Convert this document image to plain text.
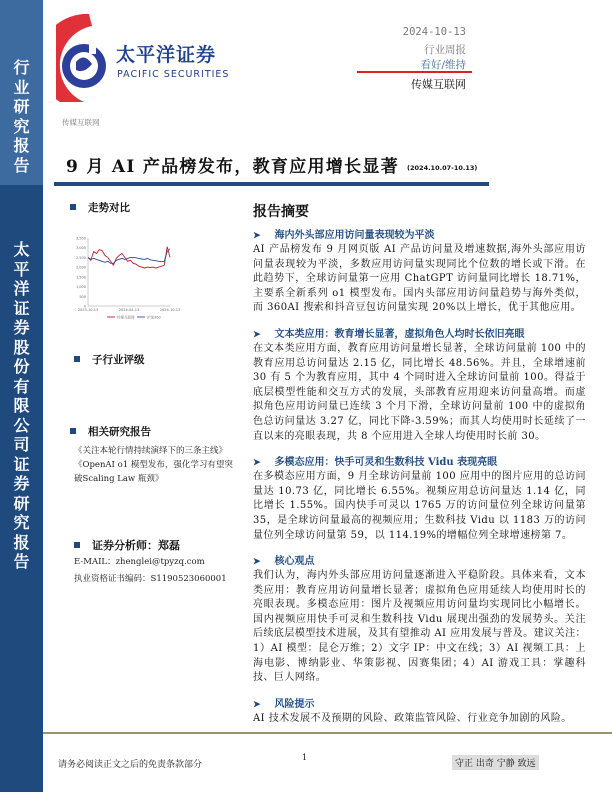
行业研究报告
太平洋证券股份有限公司证券研究报告
太平洋证券
PACIFIC SECURITIES
2024-10-13
行业周报
看好/维持
传媒互联网
传媒互联网
9 月 AI 产品榜发布，教育应用增长显著 (2024.10.07-10.13)
走势对比
3,500
3,000
2,500
2,000
1,500
1,000
500
0
2023-10-13	2024-04-13	2024-10-13
传媒互联网	沪深300
子行业评级
相关研究报告
《关注本轮行情持续演绎下的三条主线》
《OpenAI o1 模型发布，强化学习有望突破Scaling Law 瓶颈》
证券分析师：郑磊
E-MAIL：zhenglei@tpyzq.com
执业资格证书编码：S1190523060001
报告摘要
➤ 海内外头部应用访问量表现较为平淡
AI 产品榜发布 9 月网页版 AI 产品访问量及增速数据,海外头部应用访问量表现较为平淡，多数应用访问量实现同比个位数的增长或下滑。在此趋势下，全球访问量第一应用 ChatGPT 访问量同比增长 18.71%，主要系全新系列 o1 模型发布。国内头部应用访问量趋势与海外类似，而 360AI 搜索和抖音豆包访问量实现 20%以上增长，优于其他应用。
➤ 文本类应用：教育增长显著，虚拟角色人均时长依旧亮眼
在文本类应用方面，教育应用访问量增长显著，全球访问量前 100 中的教育应用总访问量达 2.15 亿，同比增长 48.56%。并且，全球增速前 30 有 5 个为教育应用，其中 4 个同时进入全球访问量前 100。得益于底层模型性能和交互方式的发展，头部教育应用迎来访问量高增。而虚拟角色应用访问量已连续 3 个月下滑，全球访问量前 100 中的虚拟角色总访问量达 3.27 亿，同比下降-3.59%；而其人均使用时长延续了一直以来的亮眼表现，共 8 个应用进入全球人均使用时长前 30。
➤ 多模态应用：快手可灵和生数科技 Vidu 表现亮眼
在多模态应用方面，9 月全球访问量前 100 应用中的图片应用的总访问量达 10.73 亿，同比增长 6.55%。视频应用总访问量达 1.14 亿，同比增长 1.55%。国内快手可灵以 1765 万的访问量位列全球访问量第 35，是全球访问量最高的视频应用；生数科技 Vidu 以 1183 万的访问量位列全球访问量第 59，以 114.19%的增幅位列全球增速榜第 7。
➤ 核心观点
我们认为，海内外头部应用访问量逐渐进入平稳阶段。具体来看，文本类应用：教育应用访问量增长显著；虚拟角色应用延续人均使用时长的亮眼表现。多模态应用：图片及视频应用访问量均实现同比小幅增长。国内视频应用快手可灵和生数科技 Vidu 展现出强劲的发展势头。关注后续底层模型技术进展，及其有望推动 AI 应用发展与普及。建议关注：1）AI 模型：昆仑万维；2）文字 IP：中文在线；3）AI 视频工具：上海电影、博纳影业、华策影视、因赛集团；4）AI 游戏工具：掌趣科技、巨人网络。
➤ 风险提示
AI 技术发展不及预期的风险、政策监管风险、行业竞争加剧的风险。
请务必阅读正文之后的免责条款部分
1
守正 出奇 宁静 致远
